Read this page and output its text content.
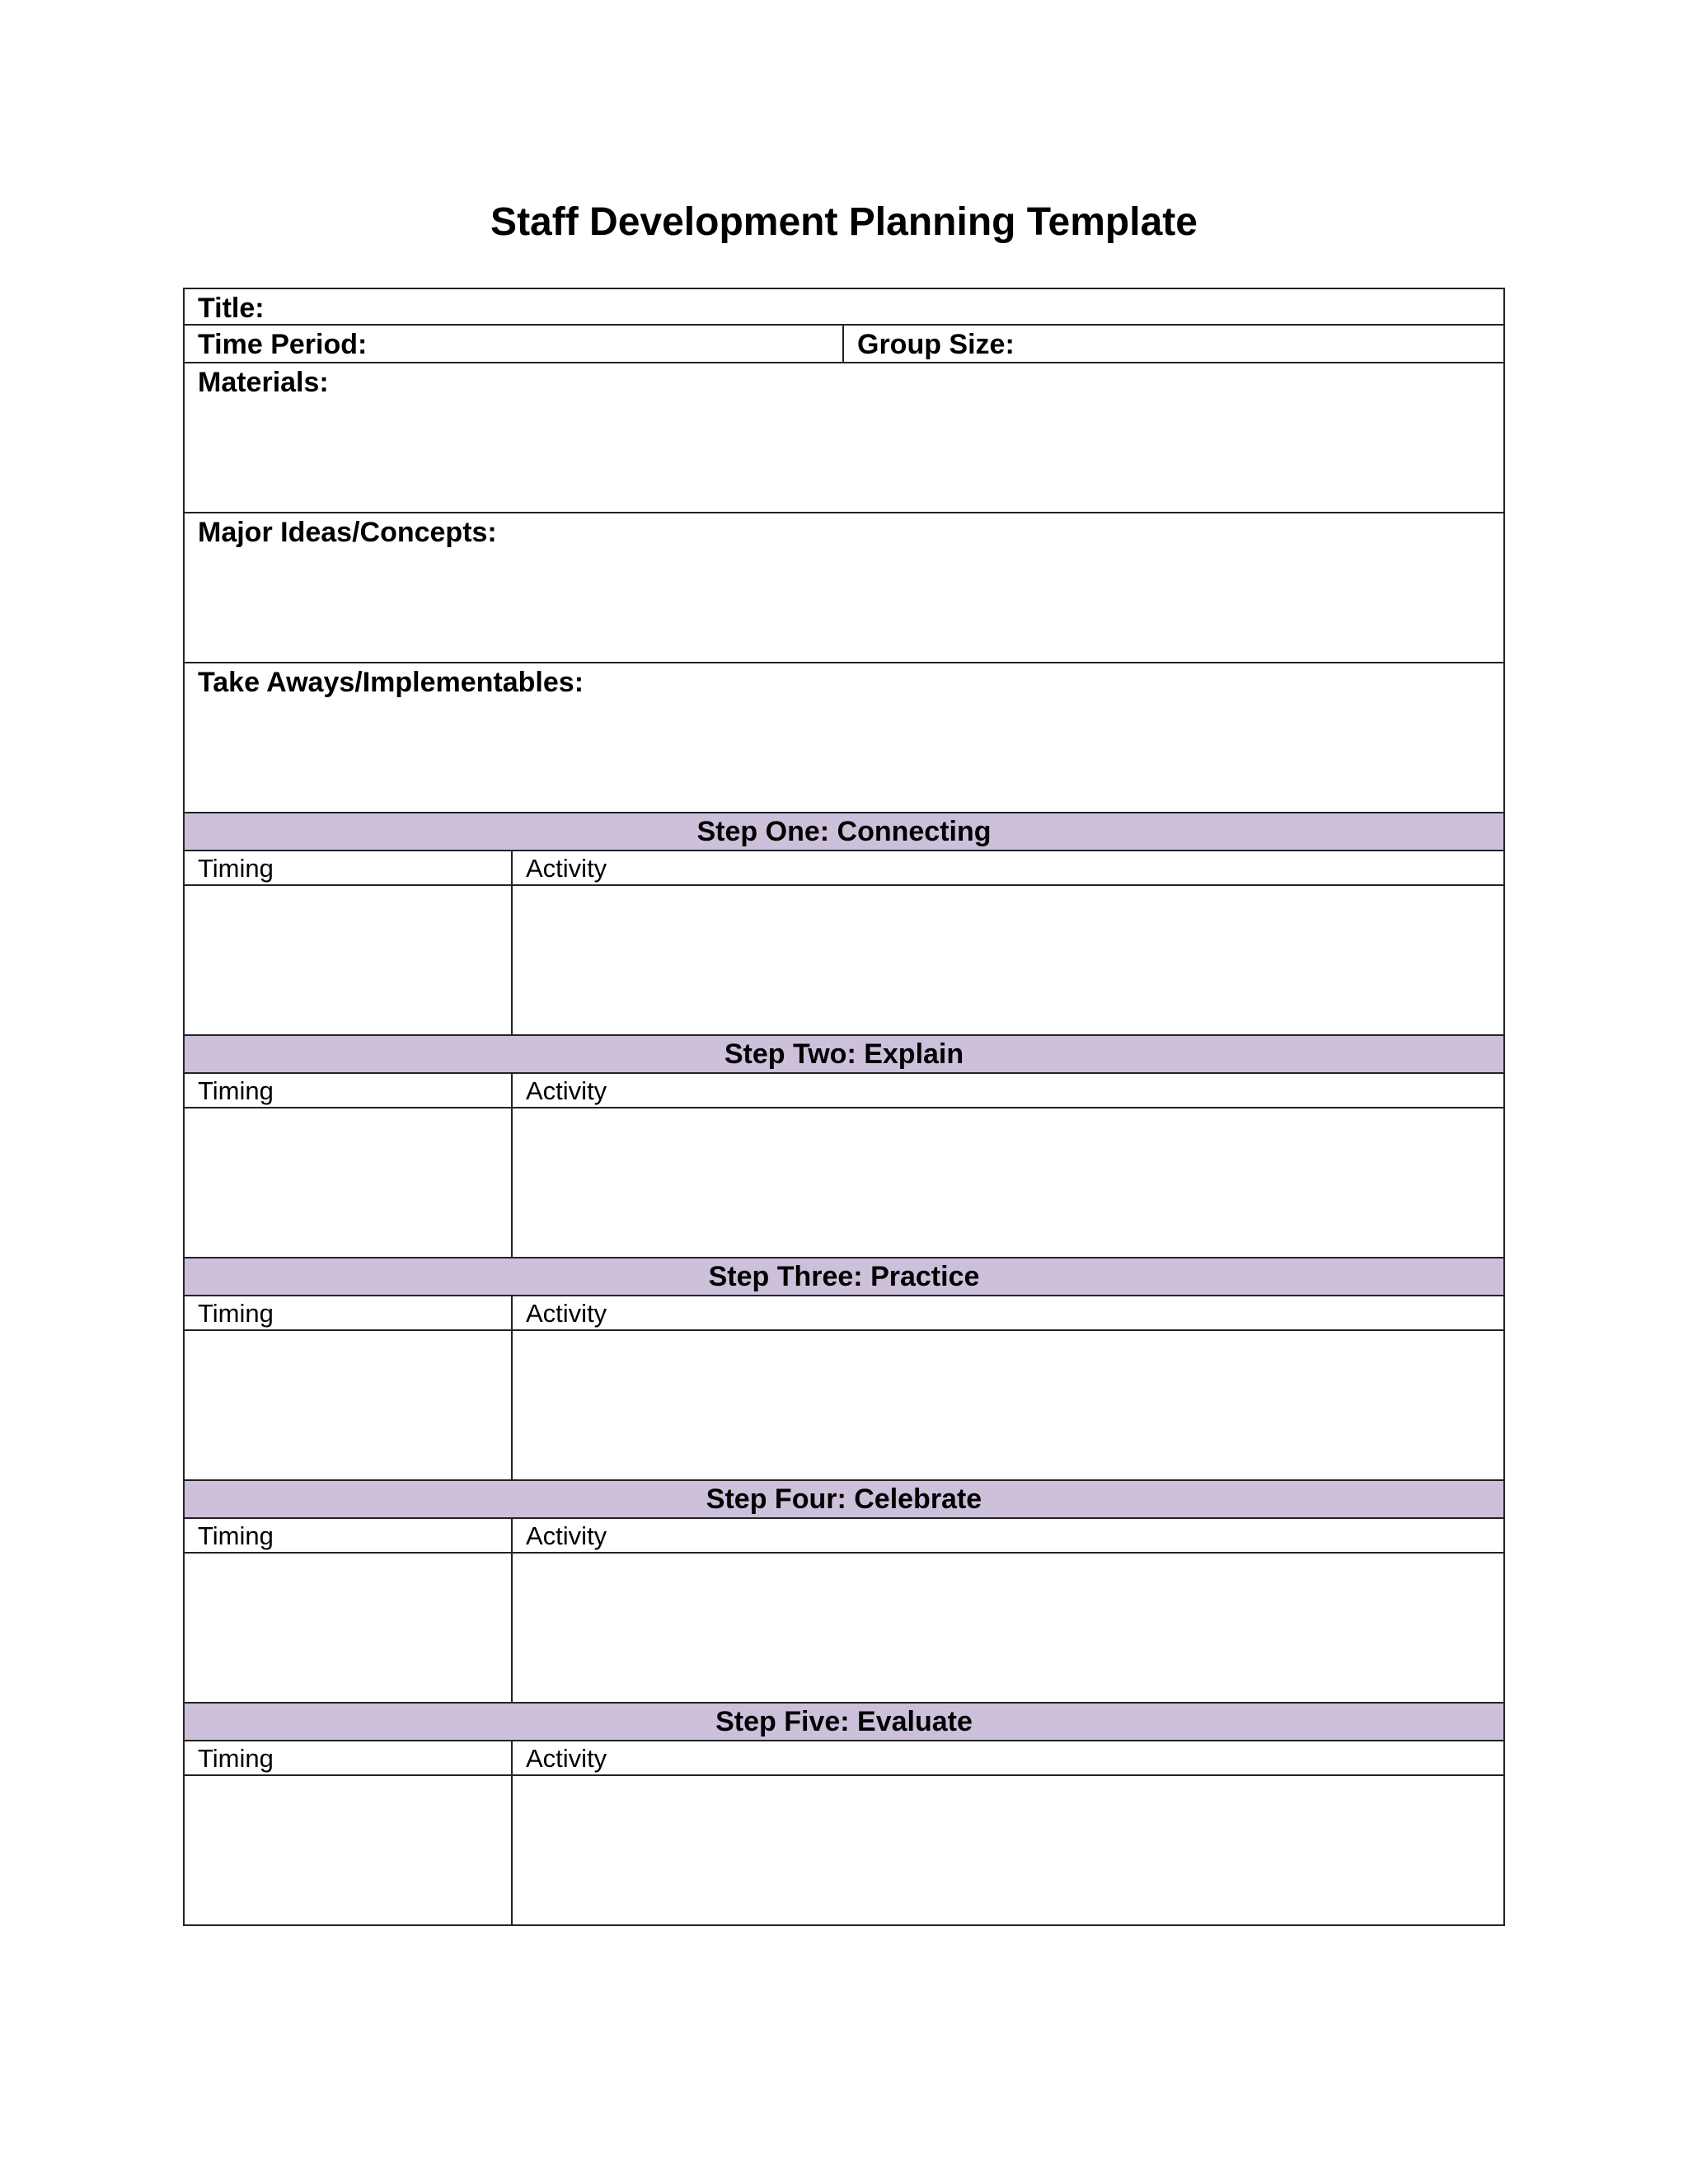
Staff Development Planning Template
Title:
Time Period:	Group Size:
Materials:
Major Ideas/Concepts:
Take Aways/Implementables:
Step One: Connecting
Timing	Activity
Step Two: Explain
Timing	Activity
Step Three: Practice
Timing	Activity
Step Four: Celebrate
Timing	Activity
Step Five: Evaluate
Timing	Activity
